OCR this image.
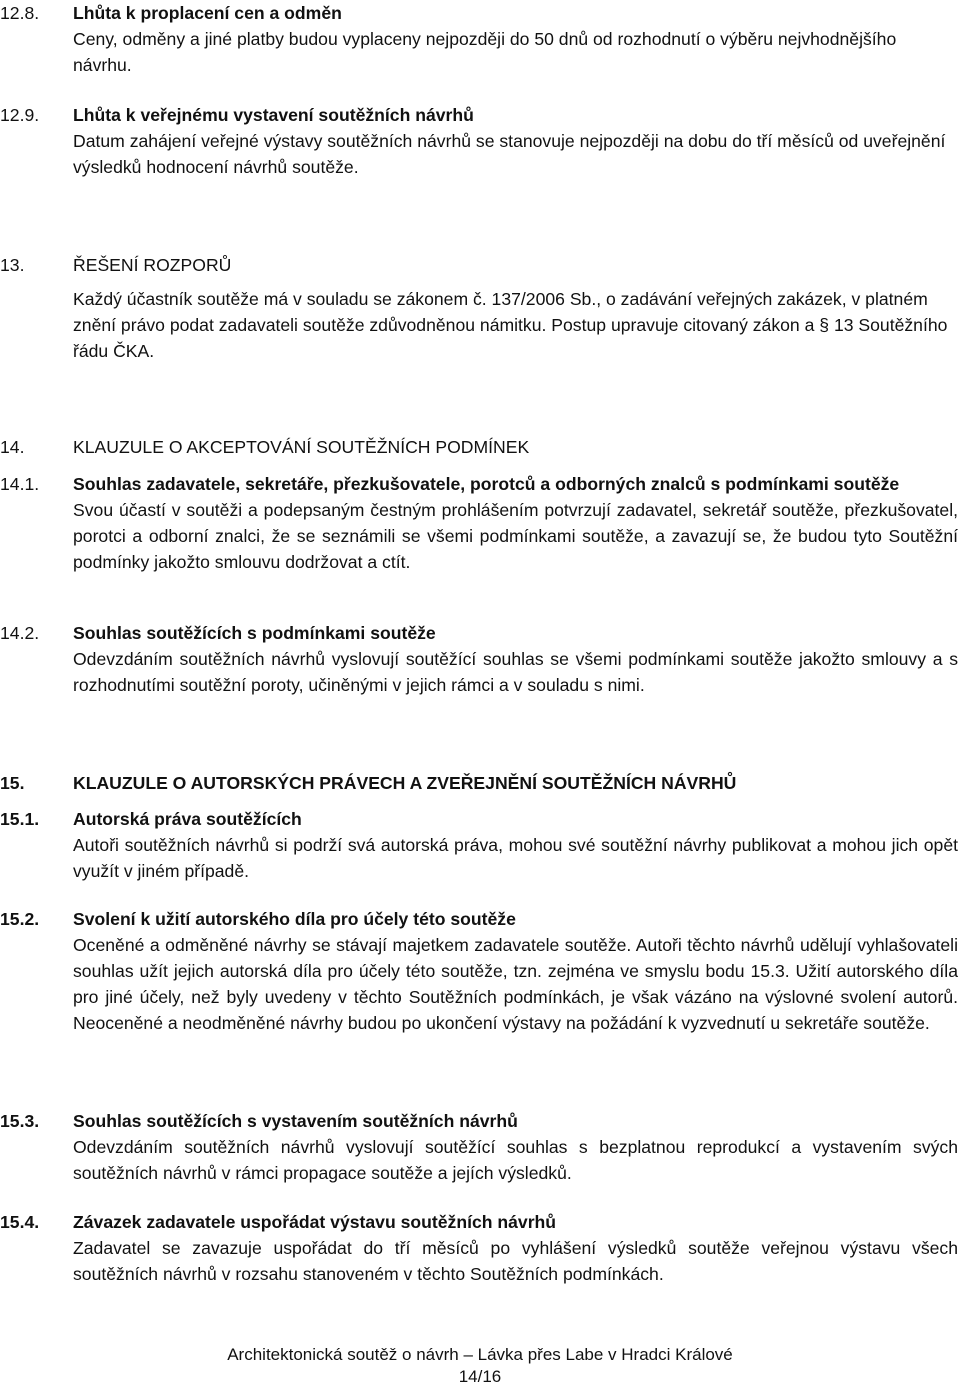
12.8.	Lhůta k proplacení cen a odměn
Ceny, odměny a jiné platby budou vyplaceny nejpozději do 50 dnů od rozhodnutí o výběru nejvhodnějšího návrhu.
12.9.	Lhůta k veřejnému vystavení soutěžních návrhů
Datum zahájení veřejné výstavy soutěžních návrhů se stanovuje nejpozději na dobu do tří měsíců od uveřejnění výsledků hodnocení návrhů soutěže.
13.	ŘEŠENÍ ROZPORŮ
Každý účastník soutěže má v souladu se zákonem č. 137/2006 Sb., o zadávání veřejných zakázek, v platném znění právo podat zadavateli soutěže zdůvodněnou námitku. Postup upravuje citovaný zákon a § 13 Soutěžního řádu ČKA.
14.	KLAUZULE O AKCEPTOVÁNÍ SOUTĚŽNÍCH PODMÍNEK
14.1.	Souhlas zadavatele, sekretáře, přezkušovatele, porotců a odborných znalců s podmínkami soutěže
Svou účastí v soutěži a podepsaným čestným prohlášením potvrzují zadavatel, sekretář soutěže, přezkušovatel, porotci a odborní znalci, že se seznámili se všemi podmínkami soutěže, a zavazují se, že budou tyto Soutěžní podmínky jakožto smlouvu dodržovat a ctít.
14.2.	Souhlas soutěžících s podmínkami soutěže
Odevzdáním soutěžních návrhů vyslovují soutěžící souhlas se všemi podmínkami soutěže jakožto smlouvy a s rozhodnutími soutěžní poroty, učiněnými v jejich rámci a v souladu s nimi.
15.	KLAUZULE O AUTORSKÝCH PRÁVECH A ZVEŘEJNĚNÍ SOUTĚŽNÍCH NÁVRHŮ
15.1.	Autorská práva soutěžících
Autoři soutěžních návrhů si podrží svá autorská práva, mohou své soutěžní návrhy publikovat a mohou jich opět využít v jiném případě.
15.2.	Svolení k užití autorského díla pro účely této soutěže
Oceněné a odměněné návrhy se stávají majetkem zadavatele soutěže. Autoři těchto návrhů udělují vyhlašovateli souhlas užít jejich autorská díla pro účely této soutěže, tzn. zejména ve smyslu bodu 15.3. Užití autorského díla pro jiné účely, než byly uvedeny v těchto Soutěžních podmínkách, je však vázáno na výslovné svolení autorů. Neoceněné a neodměněné návrhy budou po ukončení výstavy na požádání k vyzvednutí u sekretáře soutěže.
15.3.	Souhlas soutěžících s vystavením soutěžních návrhů
Odevzdáním soutěžních návrhů vyslovují soutěžící souhlas s bezplatnou reprodukcí a vystavením svých soutěžních návrhů v rámci propagace soutěže a jejích výsledků.
15.4.	Závazek zadavatele uspořádat výstavu soutěžních návrhů
Zadavatel se zavazuje uspořádat do tří měsíců po vyhlášení výsledků soutěže veřejnou výstavu všech soutěžních návrhů v rozsahu stanoveném v těchto Soutěžních podmínkách.
Architektonická soutěž o návrh – Lávka přes Labe v Hradci Králové
14/16
